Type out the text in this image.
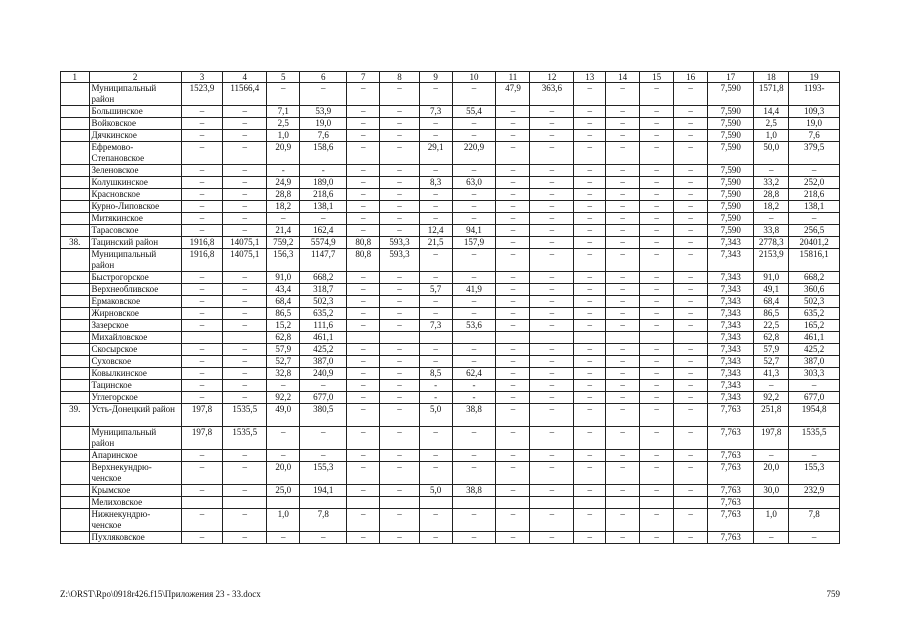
1	2	3	4	5	6	7	8	9	10	11	12	13	14	15	16	17	18	19
	Муниципальный район	1523,9	11566,4	–	–	–	–	–	–	47,9	363,6	–	–	–	–	7,590	1571,8	1193-
	Большинское	–	–	7,1	53,9	–	–	7,3	55,4	–	–	–	–	–	–	7,590	14,4	109,3
	Войковское	–	–	2,5	19,0	–	–	–	–	–	–	–	–	–	–	7,590	2,5	19,0
	Дячкинское	–	–	1,0	7,6	–	–	–	–	–	–	–	–	–	–	7,590	1,0	7,6
	Ефремово-Степановское	–	–	20,9	158,6	–	–	29,1	220,9	–	–	–	–	–	–	7,590	50,0	379,5
	Зеленовское	–	–	-	-	–	–	–	–	–	–	–	–	–	–	7,590	–	–
	Колушкинское	–	–	24,9	189,0	–	–	8,3	63,0	–	–	–	–	–	–	7,590	33,2	252,0
	Красновское	–	–	28,8	218,6	–	–	–	–	–	–	–	–	–	–	7,590	28,8	218,6
	Курно-Липовское	–	–	18,2	138,1	–	–	–	–	–	–	–	–	–	–	7,590	18,2	138,1
	Митякинское	–	–	–	–	–	–	–	–	–	–	–	–	–	–	7,590	–	–
	Тарасовское	–	–	21,4	162,4	–	–	12,4	94,1	–	–	–	–	–	–	7,590	33,8	256,5
38.	Тацинский район	1916,8	14075,1	759,2	5574,9	80,8	593,3	21,5	157,9	–	–	–	–	–	–	7,343	2778,3	20401,2
	Муниципальный район	1916,8	14075,1	156,3	1147,7	80,8	593,3	–	–	–	–	–	–	–	–	7,343	2153,9	15816,1
	Быстрогорское	–	–	91,0	668,2	–	–	–	–	–	–	–	–	–	–	7,343	91,0	668,2
	Верхнеобливское	–	–	43,4	318,7	–	–	5,7	41,9	–	–	–	–	–	–	7,343	49,1	360,6
	Ермаковское	–	–	68,4	502,3	–	–	–	–	–	–	–	–	–	–	7,343	68,4	502,3
	Жирновское	–	–	86,5	635,2	–	–	–	–	–	–	–	–	–	–	7,343	86,5	635,2
	Зазерское	–	–	15,2	111,6	–	–	7,3	53,6	–	–	–	–	–	–	7,343	22,5	165,2
	Михайловское			62,8	461,1											7,343	62,8	461,1
	Скосырское	–	–	57,9	425,2	–	–	–	–	–	–	–	–	–	–	7,343	57,9	425,2
	Суховское	–	–	52,7	387,0	–	–	–	–	–	–	–	–	–	–	7,343	52,7	387,0
	Ковылкинское	–	–	32,8	240,9	–	–	8,5	62,4	–	–	–	–	–	–	7,343	41,3	303,3
	Тацинское	–	–	–	–	–	–	-	-	–	–	–	–	–	–	7,343	–	–
	Углегорское	–	–	92,2	677,0	–	–	-	-	–	–	–	–	–	–	7,343	92,2	677,0
39.	Усть-Донецкий район	197,8	1535,5	49,0	380,5	–	–	5,0	38,8	–	–	–	–	–	–	7,763	251,8	1954,8
	Муниципальный район	197,8	1535,5	–	–	–	–	–	–	–	–	–	–	–	–	7,763	197,8	1535,5
	Апаринское	–	–	–	–	–	–	–	–	–	–	–	–	–	–	7,763	–	–
	Верхнекундрю-ченское	–	–	20,0	155,3	–	–	–	–	–	–	–	–	–	–	7,763	20,0	155,3
	Крымское	–	–	25,0	194,1	–	–	5,0	38,8	–	–	–	–	–	–	7,763	30,0	232,9
	Мелиховское															7,763		
	Нижнекундрю-ченское	–	–	1,0	7,8	–	–	–	–	–	–	–	–	–	–	7,763	1,0	7,8
	Пухляковское	–	–	–	–	–	–	–	–	–	–	–	–	–	–	7,763	–	–
Z:\ORST\Rpo\0918r426.f15\Приложения 23 - 33.docx	759
